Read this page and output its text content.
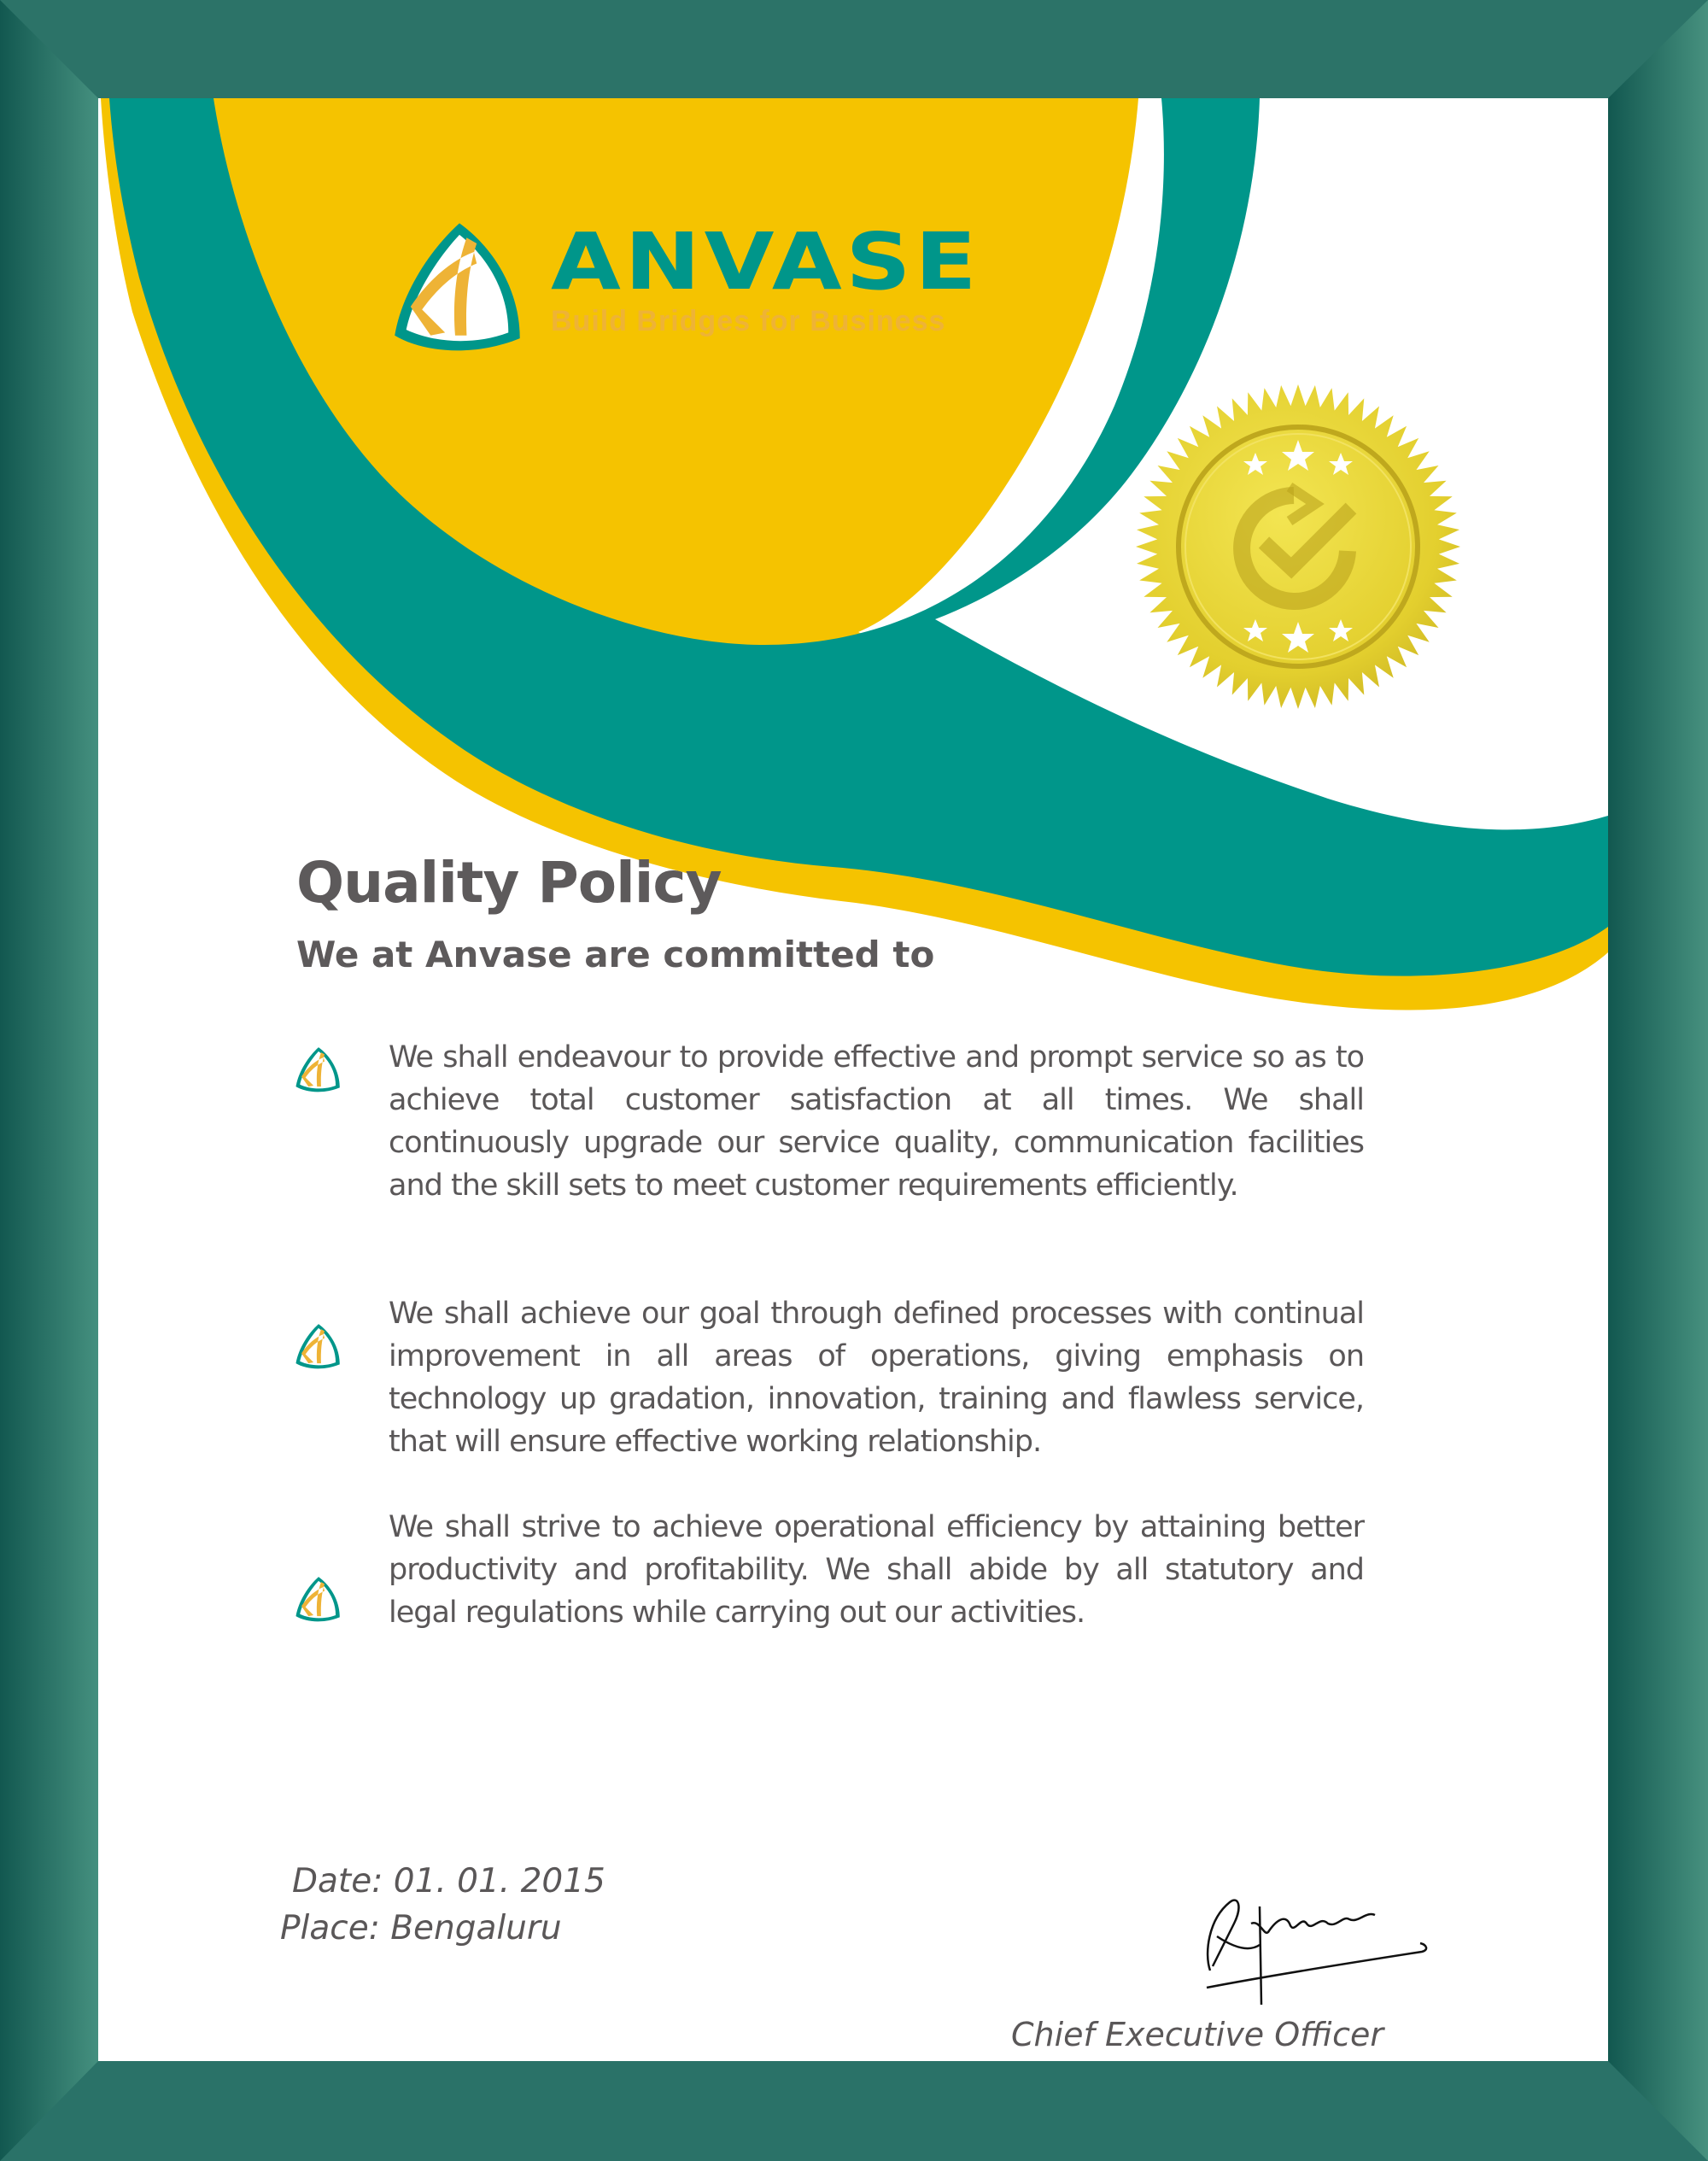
ANVASE
Build Bridges for Business
Quality Policy
We at Anvase are committed to
We shall endeavour to provide effective and prompt service so as to achieve total customer satisfaction at all times. We shall continuously upgrade our service quality, communication facilities and the skill sets to meet customer requirements efficiently.
We shall achieve our goal through defined processes with continual improvement in all areas of operations, giving emphasis on technology up gradation, innovation, training and flawless service, that will ensure effective working relationship.
We shall strive to achieve operational efficiency by attaining better productivity and profitability. We shall abide by all statutory and legal regulations while carrying out our activities.
Date: 01. 01. 2015
Place: Bengaluru
Chief Executive Officer
